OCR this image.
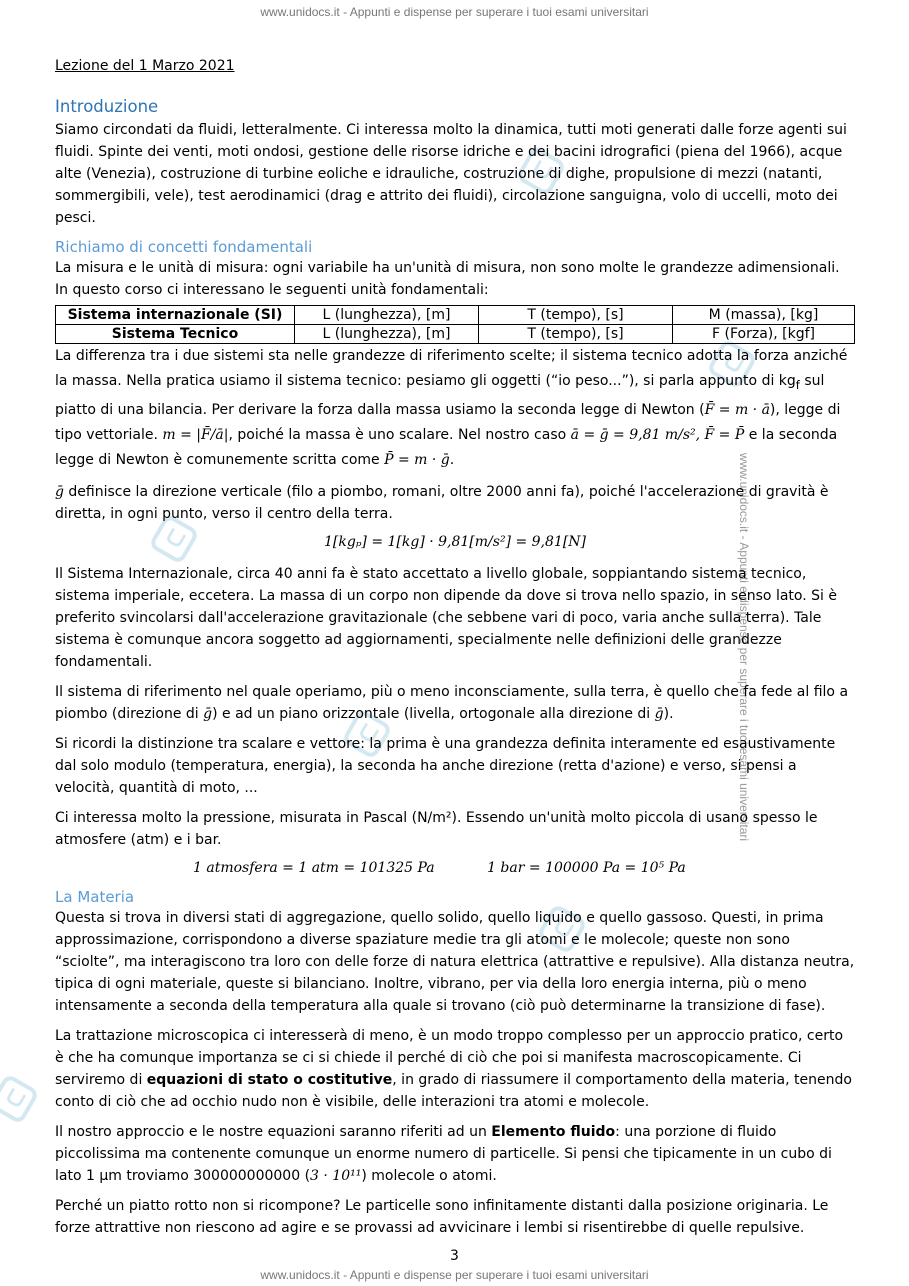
www.unidocs.it - Appunti e dispense per superare i tuoi esami universitari
www.unidocs.it - Appunti e dispense per superare i tuoi esami universitari

Lezione del 1 Marzo 2021

Introduzione

Siamo circondati da fluidi, letteralmente. Ci interessa molto la dinamica, tutti moti generati dalle forze agenti sui fluidi. Spinte dei venti, moti ondosi, gestione delle risorse idriche e dei bacini idrografici (piena del 1966), acque alte (Venezia), costruzione di turbine eoliche e idrauliche, costruzione di dighe, propulsione di mezzi (natanti, sommergibili, vele), test aerodinamici (drag e attrito dei fluidi), circolazione sanguigna, volo di uccelli, moto dei pesci.

Richiamo di concetti fondamentali

La misura e le unità di misura: ogni variabile ha un'unità di misura, non sono molte le grandezze adimensionali. In questo corso ci interessano le seguenti unità fondamentali:

Sistema internazionale (SI)	L (lunghezza), [m]	T (tempo), [s]	M (massa), [kg]
Sistema Tecnico	L (lunghezza), [m]	T (tempo), [s]	F (Forza), [kgf]

La differenza tra i due sistemi sta nelle grandezze di riferimento scelte; il sistema tecnico adotta la forza anziché la massa. Nella pratica usiamo il sistema tecnico: pesiamo gli oggetti (“io peso...”), si parla appunto di $kg_f$ sul piatto di una bilancia. Per derivare la forza dalla massa usiamo la seconda legge di Newton (F̄ = m · ā), legge di tipo vettoriale. m = |F̄/ā|, poiché la massa è uno scalare. Nel nostro caso ā = ḡ = 9,81 m/s², F̄ = P̄ e la seconda legge di Newton è comunemente scritta come P̄ = m · ḡ.

ḡ definisce la direzione verticale (filo a piombo, romani, oltre 2000 anni fa), poiché l'accelerazione di gravità è diretta, in ogni punto, verso il centro della terra.

1[kgₚ] = 1[kg] · 9,81[m/s²] = 9,81[N]

Il Sistema Internazionale, circa 40 anni fa è stato accettato a livello globale, soppiantando sistema tecnico, sistema imperiale, eccetera. La massa di un corpo non dipende da dove si trova nello spazio, in senso lato. Si è preferito svincolarsi dall'accelerazione gravitazionale (che sebbene vari di poco, varia anche sulla terra). Tale sistema è comunque ancora soggetto ad aggiornamenti, specialmente nelle definizioni delle grandezze fondamentali.

Il sistema di riferimento nel quale operiamo, più o meno inconsciamente, sulla terra, è quello che fa fede al filo a piombo (direzione di ḡ) e ad un piano orizzontale (livella, ortogonale alla direzione di ḡ).

Si ricordi la distinzione tra scalare e vettore: la prima è una grandezza definita interamente ed esaustivamente dal solo modulo (temperatura, energia), la seconda ha anche direzione (retta d'azione) e verso, si pensi a velocità, quantità di moto, ...

Ci interessa molto la pressione, misurata in Pascal (N/m²). Essendo un'unità molto piccola di usano spesso le atmosfere (atm) e i bar.

1 atmosfera = 1 atm = 101325 Pa	1 bar = 100000 Pa = 10⁵ Pa
La Materia

Questa si trova in diversi stati di aggregazione, quello solido, quello liquido e quello gassoso. Questi, in prima approssimazione, corrispondono a diverse spaziature medie tra gli atomi e le molecole; queste non sono “sciolte”, ma interagiscono tra loro con delle forze di natura elettrica (attrattive e repulsive). Alla distanza neutra, tipica di ogni materiale, queste si bilanciano. Inoltre, vibrano, per via della loro energia interna, più o meno intensamente a seconda della temperatura alla quale si trovano (ciò può determinarne la transizione di fase).

La trattazione microscopica ci interesserà di meno, è un modo troppo complesso per un approccio pratico, certo è che ha comunque importanza se ci si chiede il perché di ciò che poi si manifesta macroscopicamente. Ci serviremo di equazioni di stato o costitutive, in grado di riassumere il comportamento della materia, tenendo conto di ciò che ad occhio nudo non è visibile, delle interazioni tra atomi e molecole.

Il nostro approccio e le nostre equazioni saranno riferiti ad un Elemento fluido: una porzione di fluido piccolissima ma contenente comunque un enorme numero di particelle. Si pensi che tipicamente in un cubo di lato 1 µm troviamo 300000000000 (3 · 10¹¹) molecole o atomi.

Perché un piatto rotto non si ricompone? Le particelle sono infinitamente distanti dalla posizione originaria. Le forze attrattive non riescono ad agire e se provassi ad avvicinare i lembi si risentirebbe di quelle repulsive.

3
www.unidocs.it - Appunti e dispense per superare i tuoi esami universitari
